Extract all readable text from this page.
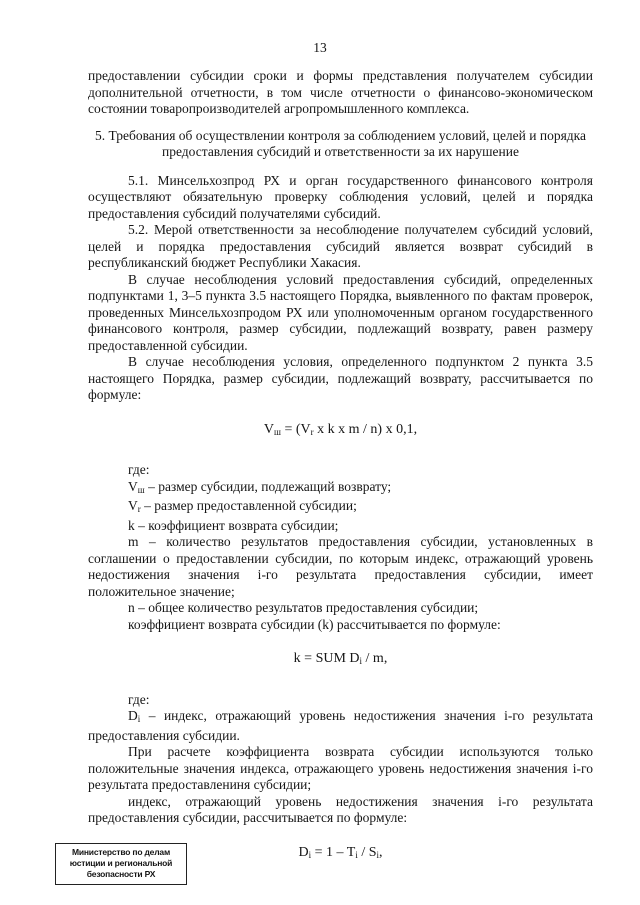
13

предоставлении субсидии сроки и формы представления получателем субсидии дополнительной отчетности, в том числе отчетности о финансово-экономическом состоянии товаропроизводителей агропромышленного комплекса.

5. Требования об осуществлении контроля за соблюдением условий, целей и порядка предоставления субсидий и ответственности за их нарушение

5.1. Минсельхозпрод РХ и орган государственного финансового контроля осуществляют обязательную проверку соблюдения условий, целей и порядка предоставления субсидий получателями субсидий.

5.2. Мерой ответственности за несоблюдение получателем субсидий условий, целей и порядка предоставления субсидий является возврат субсидий в республиканский бюджет Республики Хакасия.

В случае несоблюдения условий предоставления субсидий, определенных подпунктами 1, 3–5 пункта 3.5 настоящего Порядка, выявленного по фактам проверок, проведенных Минсельхозпродом РХ или уполномоченным органом государственного финансового контроля, размер субсидии, подлежащий возврату, равен размеру предоставленной субсидии.

В случае несоблюдения условия, определенного подпунктом 2 пункта 3.5 настоящего Порядка, размер субсидии, подлежащий возврату, рассчитывается по формуле:

$V_ш = (V_r$ x k x m / n) x 0,1,

где:

$V_ш$ – размер субсидии, подлежащий возврату;

$V_r$ – размер предоставленной субсидии;

k – коэффициент возврата субсидии;

m – количество результатов предоставления субсидии, установленных в соглашении о предоставлении субсидии, по которым индекс, отражающий уровень недостижения значения i-го результата предоставления субсидии, имеет положительное значение;

n – общее количество результатов предоставления субсидии;

коэффициент возврата субсидии (k) рассчитывается по формуле:

k = SUM $D_i$ / m,

где:

$D_i$ – индекс, отражающий уровень недостижения значения i-го результата предоставления субсидии.

При расчете коэффициента возврата субсидии используются только положительные значения индекса, отражающего уровень недостижения значения i-го результата предоставлениня субсидии;

индекс, отражающий уровень недостижения значения i-го результата предоставления субсидии, рассчитывается по формуле:

$D_i = 1 - T_i / S_i$,

Министерство по делам
юстиции и региональной
безопасности РХ
